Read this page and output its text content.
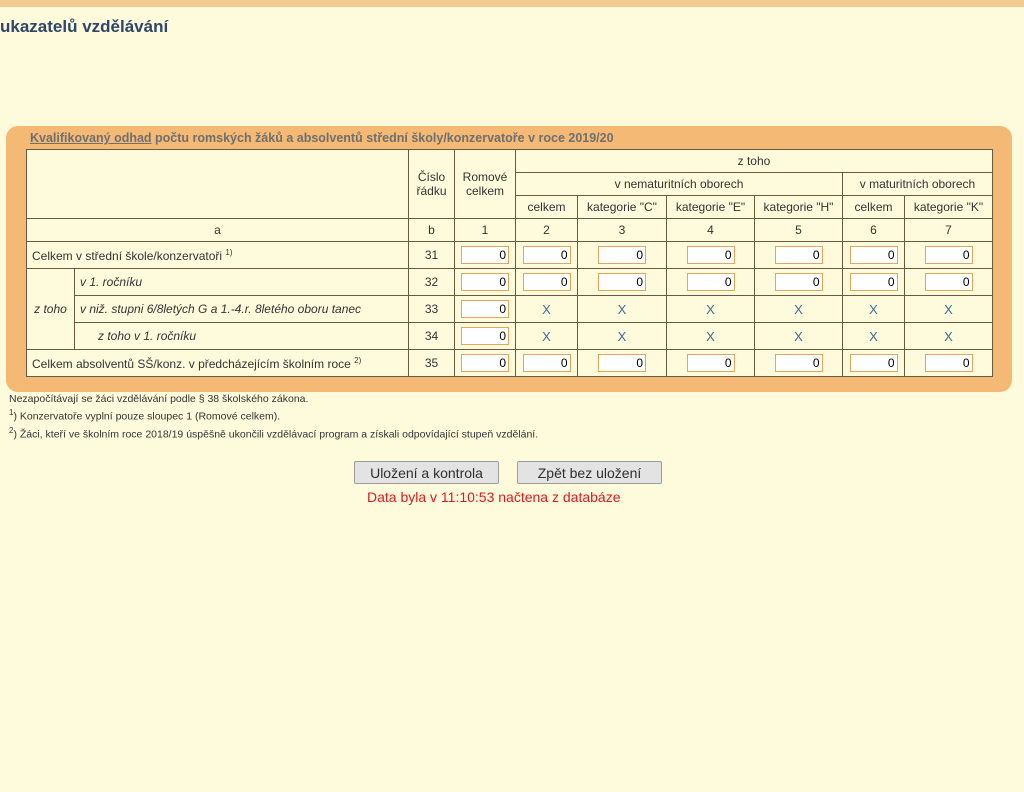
ukazatelů vzdělávání
Kvalifikovaný odhad počtu romských žáků a absolventů střední školy/konzervatoře v roce 2019/20
		Číslo řádku	Romové celkem	z toho					
				v nematuritních oborech				v maturitních oborech	
				celkem	kategorie "C"	kategorie "E"	kategorie "H"	celkem	kategorie "K"
a		b	1	2	3	4	5	6	7
Celkem v střední škole/konzervatoři $^{1)}$		31	0	0	0	0	0	0	0
z toho	v 1. ročníku	32	0	0	0	0	0	0	0
	v niž. stupni 6/8letých G a 1.-4.r. 8letého oboru tanec	33	0	X	X	X	X	X	X
	z toho v 1. ročníku	34	0	X	X	X	X	X	X
Celkem absolventů SŠ/konz. v předcházejícím školním roce $^{2)}$		35	0	0	0	0	0	0	0
Nezapočítávají se žáci vzdělávání podle § 38 školského zákona.
$^1$) Konzervatoře vyplní pouze sloupec 1 (Romové celkem).
$^2$) Žáci, kteří ve školním roce 2018/19 úspěšně ukončili vzdělávací program a získali odpovídající stupeň vzdělání.
Uložení a kontrola	Zpět bez uložení
Data byla v 11:10:53 načtena z databáze
